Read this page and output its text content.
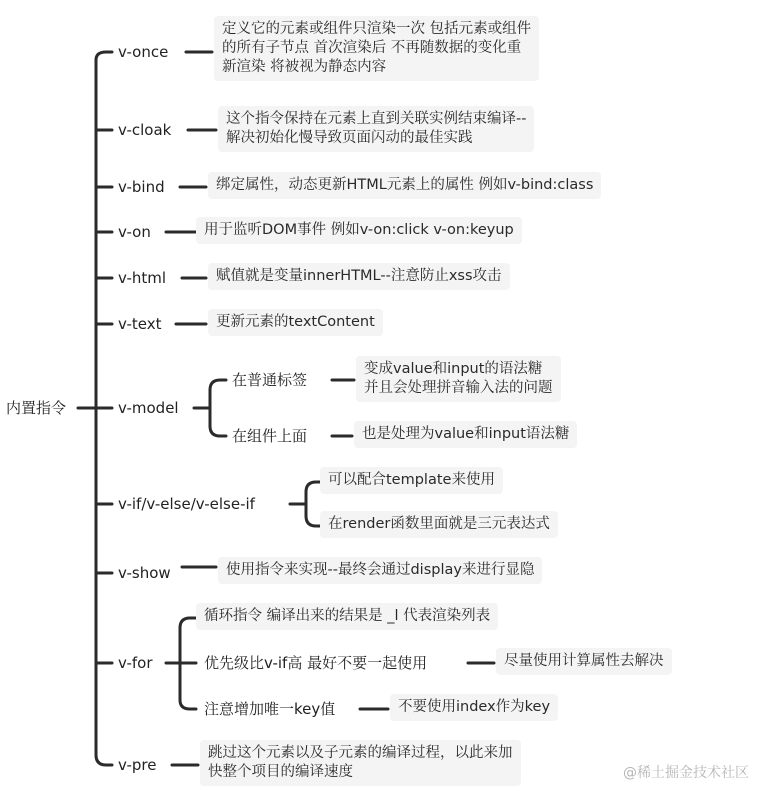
内置指令
v-once
定义它的元素或组件只渲染一次 包括元素或组件
的所有子节点 首次渲染后 不再随数据的变化重
新渲染 将被视为静态内容
v-cloak
这个指令保持在元素上直到关联实例结束编译--
解决初始化慢导致页面闪动的最佳实践
v-bind	绑定属性，动态更新HTML元素上的属性 例如v-bind:class
v-on	用于监听DOM事件 例如v-on:click v-on:keyup
v-html	赋值就是变量innerHTML--注意防止xss攻击
v-text	更新元素的textContent
v-model
在普通标签
变成value和input的语法糖
并且会处理拼音输入法的问题
在组件上面	也是处理为value和input语法糖
v-if/v-else/v-else-if
可以配合template来使用
在render函数里面就是三元表达式
v-show	使用指令来实现--最终会通过display来进行显隐
v-for
循环指令 编译出来的结果是 _l 代表渲染列表
优先级比v-if高 最好不要一起使用	尽量使用计算属性去解决
注意增加唯一key值	不要使用index作为key
v-pre
跳过这个元素以及子元素的编译过程，以此来加
快整个项目的编译速度	@稀土掘金技术社区
